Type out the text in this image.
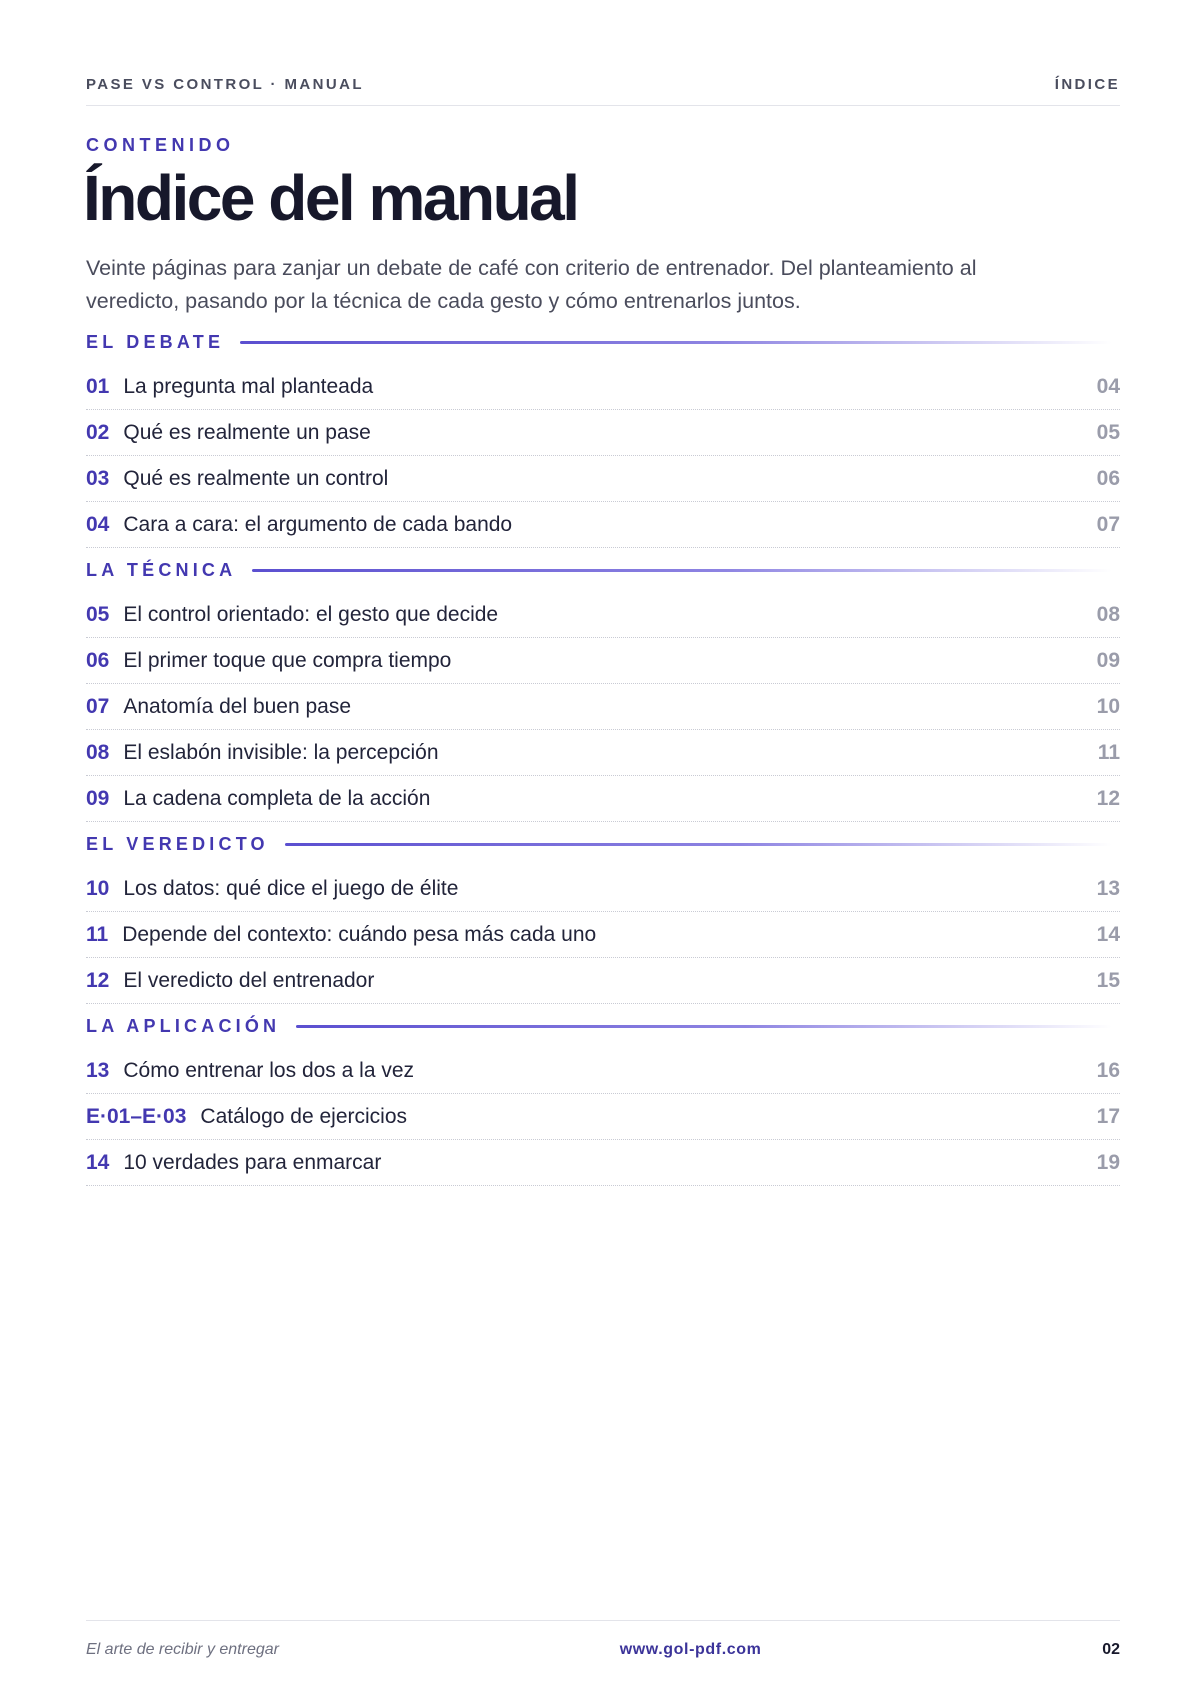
PASE VS CONTROL · MANUAL	ÍNDICE
CONTENIDO
Índice del manual

Veinte páginas para zanjar un debate de café con criterio de entrenador. Del planteamiento al veredicto, pasando por la técnica de cada gesto y cómo entrenarlos juntos.

EL DEBATE
01 La pregunta mal planteada	04
02 Qué es realmente un pase	05
03 Qué es realmente un control	06
04 Cara a cara: el argumento de cada bando	07
LA TÉCNICA
05 El control orientado: el gesto que decide	08
06 El primer toque que compra tiempo	09
07 Anatomía del buen pase	10
08 El eslabón invisible: la percepción	11
09 La cadena completa de la acción	12
EL VEREDICTO
10 Los datos: qué dice el juego de élite	13
11 Depende del contexto: cuándo pesa más cada uno	14
12 El veredicto del entrenador	15
LA APLICACIÓN
13 Cómo entrenar los dos a la vez	16
E·01–E·03 Catálogo de ejercicios	17
14 10 verdades para enmarcar	19
El arte de recibir y entregar	www.gol-pdf.com	02
